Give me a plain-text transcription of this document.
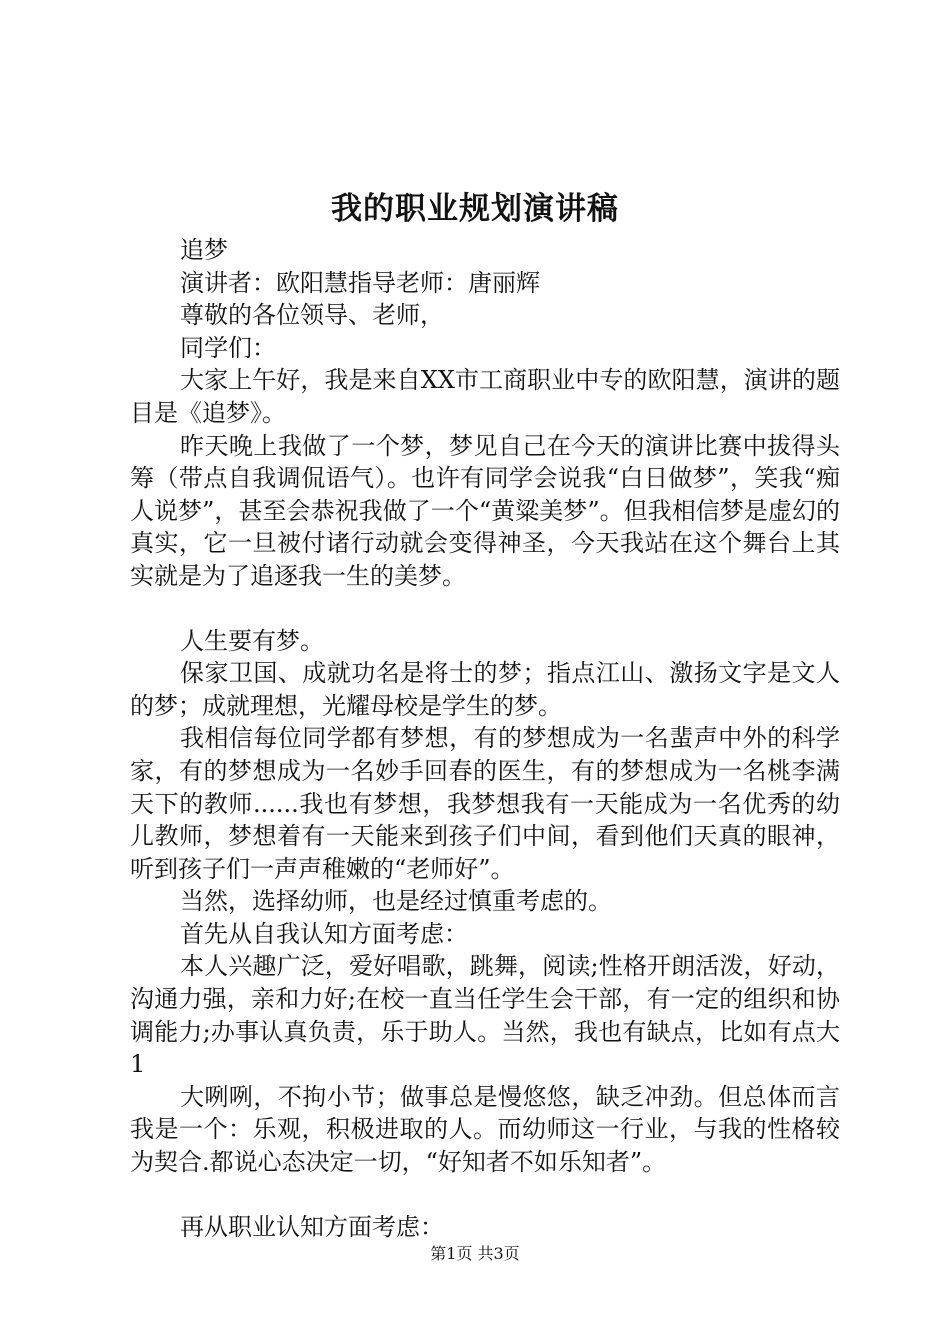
我的职业规划演讲稿

追梦

演讲者：欧阳慧指导老师：唐丽辉

尊敬的各位领导、老师，

同学们：

大家上午好，我是来自XX市工商职业中专的欧阳慧，演讲的题目是《追梦》。

昨天晚上我做了一个梦，梦见自己在今天的演讲比赛中拔得头筹（带点自我调侃语气）。也许有同学会说我“白日做梦”，笑我“痴人说梦”，甚至会恭祝我做了一个“黄粱美梦”。但我相信梦是虚幻的真实，它一旦被付诸行动就会变得神圣，今天我站在这个舞台上其实就是为了追逐我一生的美梦。

人生要有梦。

保家卫国、成就功名是将士的梦；指点江山、激扬文字是文人的梦；成就理想，光耀母校是学生的梦。

我相信每位同学都有梦想，有的梦想成为一名蜚声中外的科学家，有的梦想成为一名妙手回春的医生，有的梦想成为一名桃李满天下的教师......我也有梦想，我梦想我有一天能成为一名优秀的幼儿教师，梦想着有一天能来到孩子们中间，看到他们天真的眼神，听到孩子们一声声稚嫩的“老师好”。

当然，选择幼师，也是经过慎重考虑的。

首先从自我认知方面考虑：

本人兴趣广泛，爱好唱歌，跳舞，阅读;性格开朗活泼，好动，沟通力强，亲和力好;在校一直当任学生会干部，有一定的组织和协调能力;办事认真负责，乐于助人。当然，我也有缺点，比如有点大1

大咧咧，不拘小节；做事总是慢悠悠，缺乏冲劲。但总体而言我是一个：乐观，积极进取的人。而幼师这一行业，与我的性格较为契合.都说心态决定一切，“好知者不如乐知者”。

再从职业认知方面考虑：

第1页 共3页
